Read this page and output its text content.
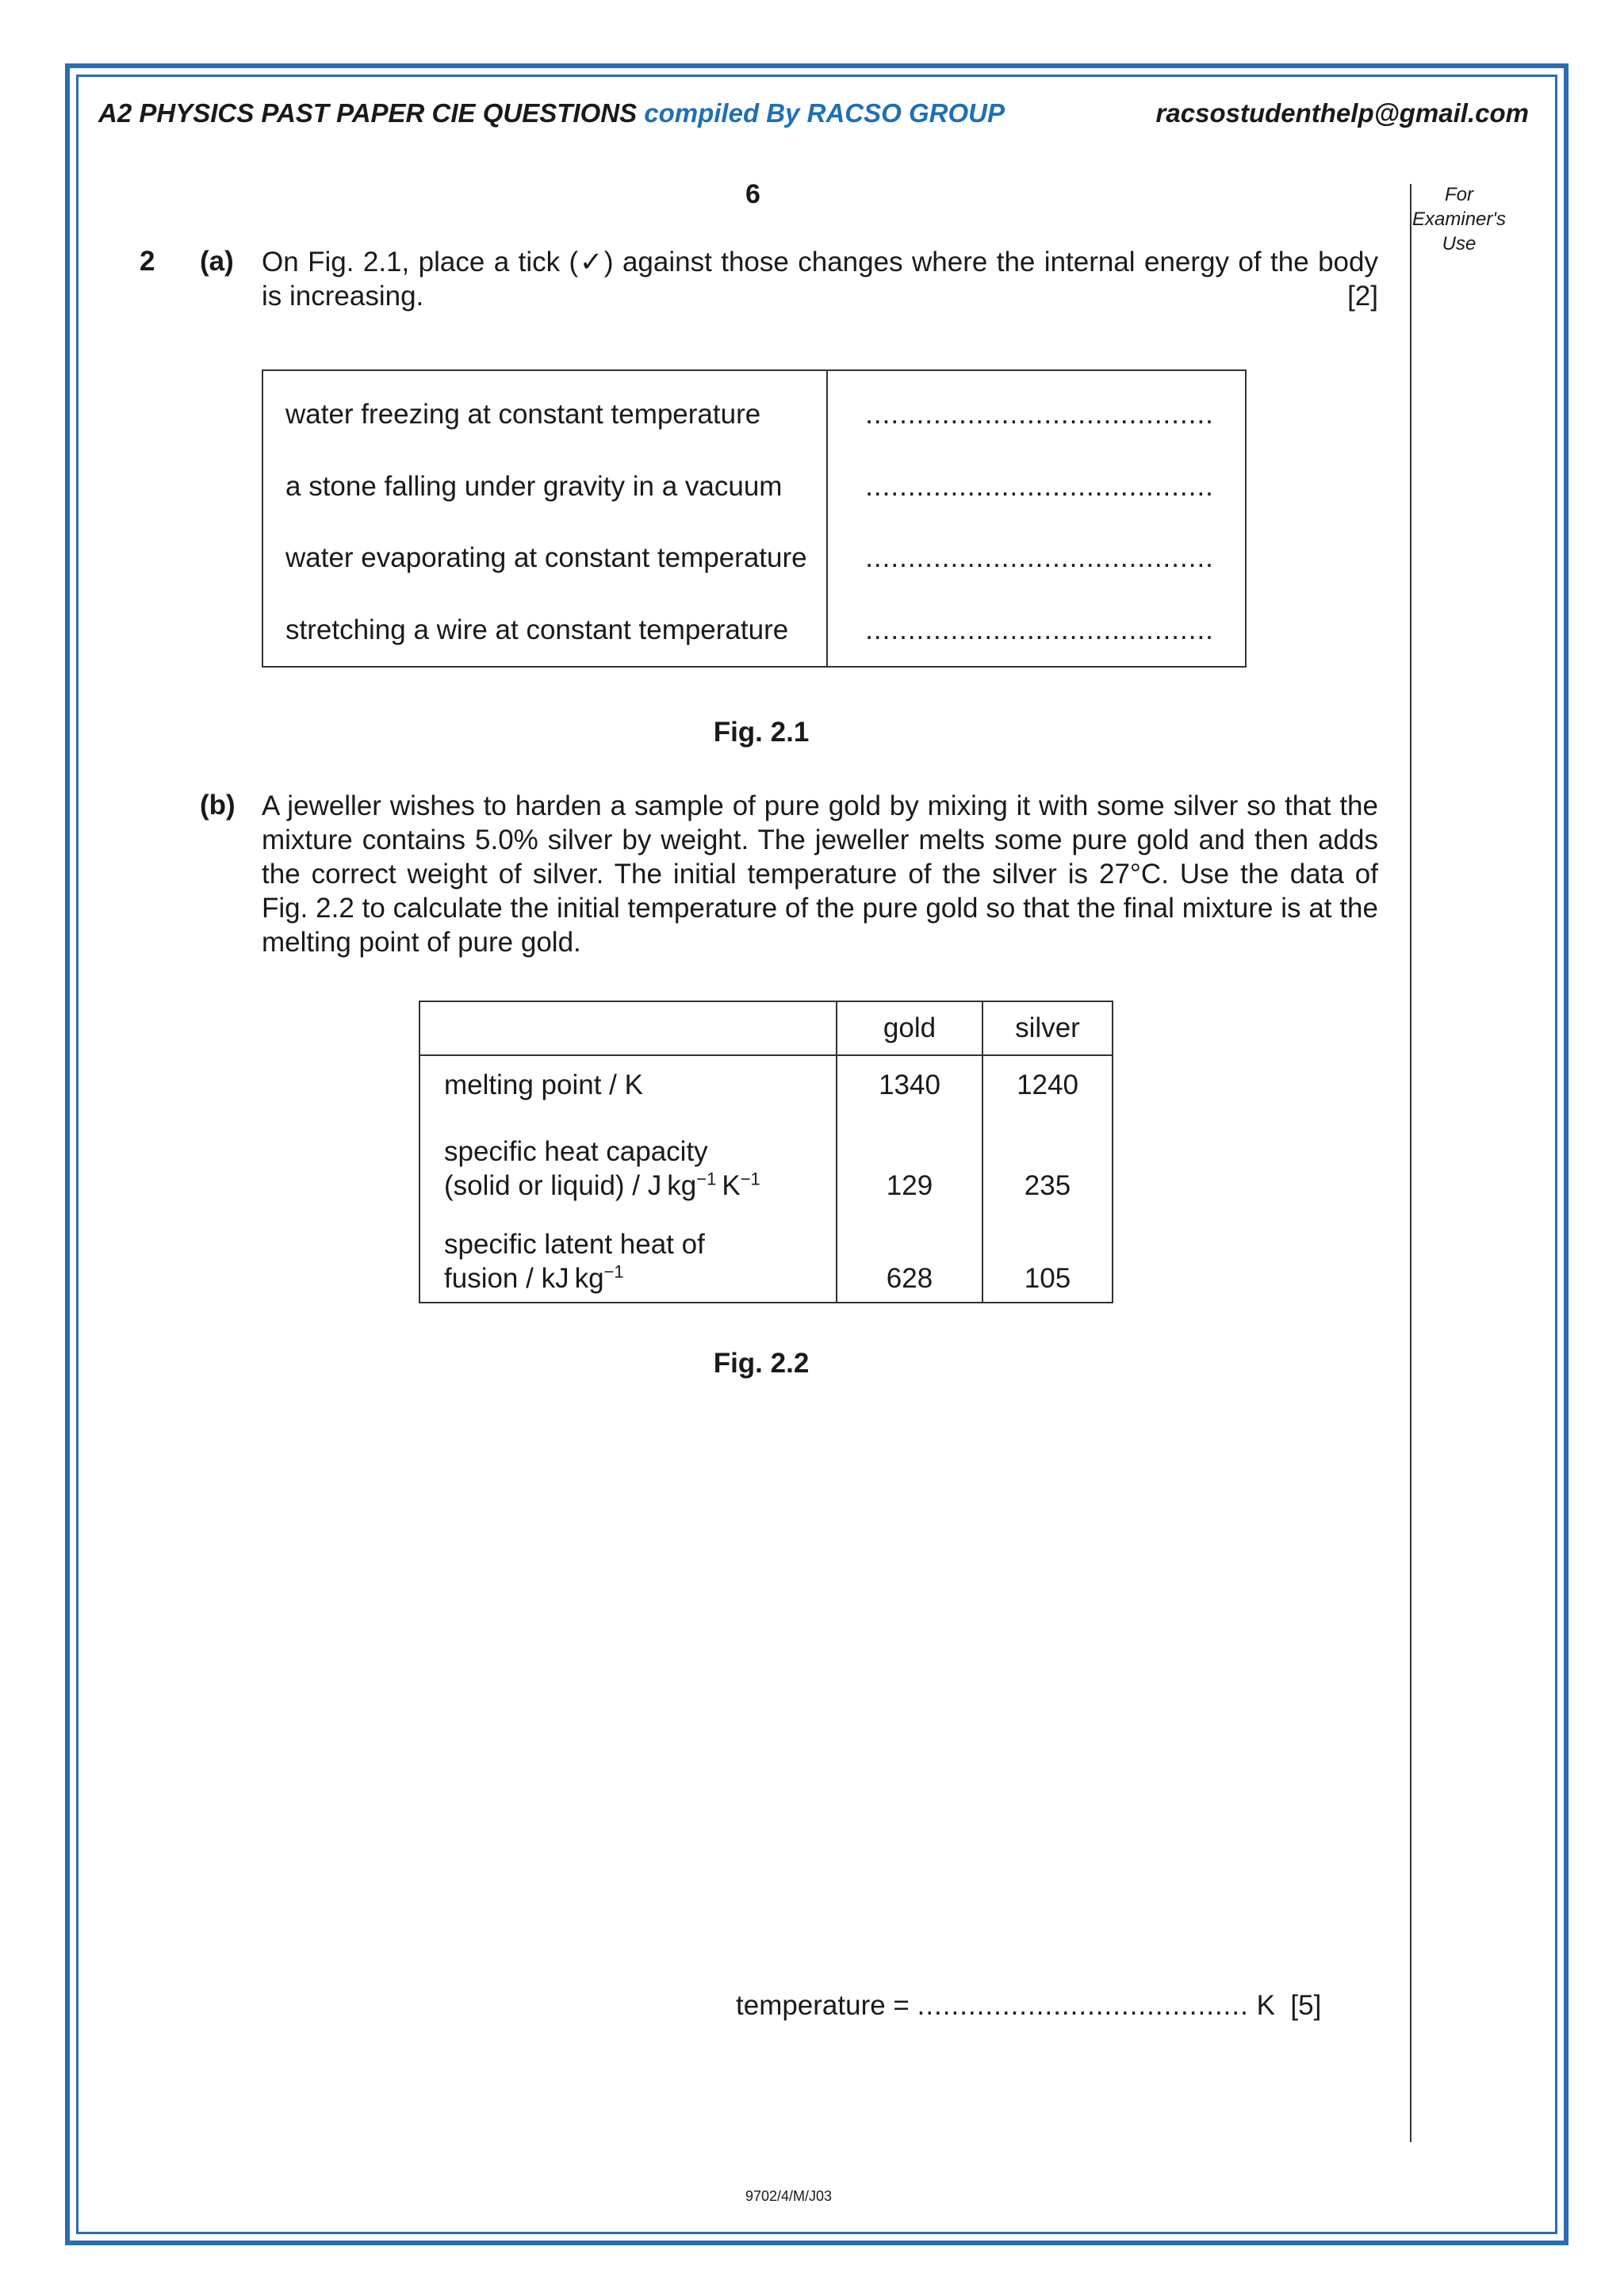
A2 PHYSICS PAST PAPER CIE QUESTIONS compiled By RACSO GROUP	racsostudenthelp@gmail.com
6	For
Examiner's
Use
2 (a) On Fig. 2.1, place a tick (✓) against those changes where the internal energy of the body is increasing.	[2]
water freezing at constant temperature	.........................................
a stone falling under gravity in a vacuum	.........................................
water evaporating at constant temperature	.........................................
stretching a wire at constant temperature	.........................................
Fig. 2.1
(b) A jeweller wishes to harden a sample of pure gold by mixing it with some silver so that the mixture contains 5.0% silver by weight. The jeweller melts some pure gold and then adds the correct weight of silver. The initial temperature of the silver is 27°C. Use the data of Fig. 2.2 to calculate the initial temperature of the pure gold so that the final mixture is at the melting point of pure gold.
	gold	silver
melting point / K	1340	1240

specific heat capacity
(solid or liquid) / J $kg^{-1}$  $K^{-1}$	129	235

specific latent heat of
fusion / kJ $kg^{-1}$	628	105
Fig. 2.2
temperature = ....................................... K [5]
9702/4/M/J03
